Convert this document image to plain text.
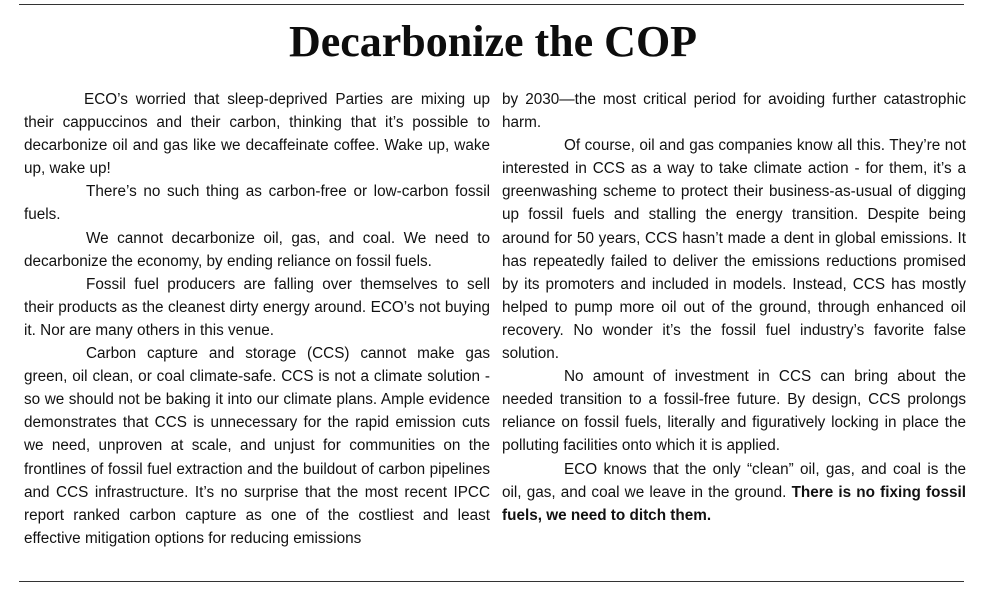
Decarbonize the COP

ECO’s worried that sleep-deprived Parties are mixing up their cappuccinos and their carbon, thinking that it’s possible to decarbonize oil and gas like we decaffeinate coffee. Wake up, wake up, wake up!

There’s no such thing as carbon-free or low-carbon fossil fuels.

We cannot decarbonize oil, gas, and coal. We need to decarbonize the economy, by ending reliance on fossil fuels.

Fossil fuel producers are falling over themselves to sell their products as the cleanest dirty energy around. ECO’s not buying it. Nor are many others in this venue.

Carbon capture and storage (CCS) cannot make gas green, oil clean, or coal climate-safe. CCS is not a climate solution - so we should not be baking it into our climate plans. Ample evidence demonstrates that CCS is unnecessary for the rapid emission cuts we need, unproven at scale, and unjust for communities on the frontlines of fossil fuel extraction and the buildout of carbon pipelines and CCS infrastructure. It’s no surprise that the most recent IPCC report ranked carbon capture as one of the costliest and least effective mitigation options for reducing emissions

by 2030—the most critical period for avoiding further catastrophic harm.

Of course, oil and gas companies know all this. They’re not interested in CCS as a way to take climate action - for them, it’s a greenwashing scheme to protect their business-as-usual of digging up fossil fuels and stalling the energy transition. Despite being around for 50 years, CCS hasn’t made a dent in global emissions. It has repeatedly failed to deliver the emissions reductions promised by its promoters and included in models. Instead, CCS has mostly helped to pump more oil out of the ground, through enhanced oil recovery. No wonder it’s the fossil fuel industry’s favorite false solution.

No amount of investment in CCS can bring about the needed transition to a fossil-free future. By design, CCS prolongs reliance on fossil fuels, literally and figuratively locking in place the polluting facilities onto which it is applied.

ECO knows that the only “clean” oil, gas, and coal is the oil, gas, and coal we leave in the ground. There is no fixing fossil fuels, we need to ditch them.
